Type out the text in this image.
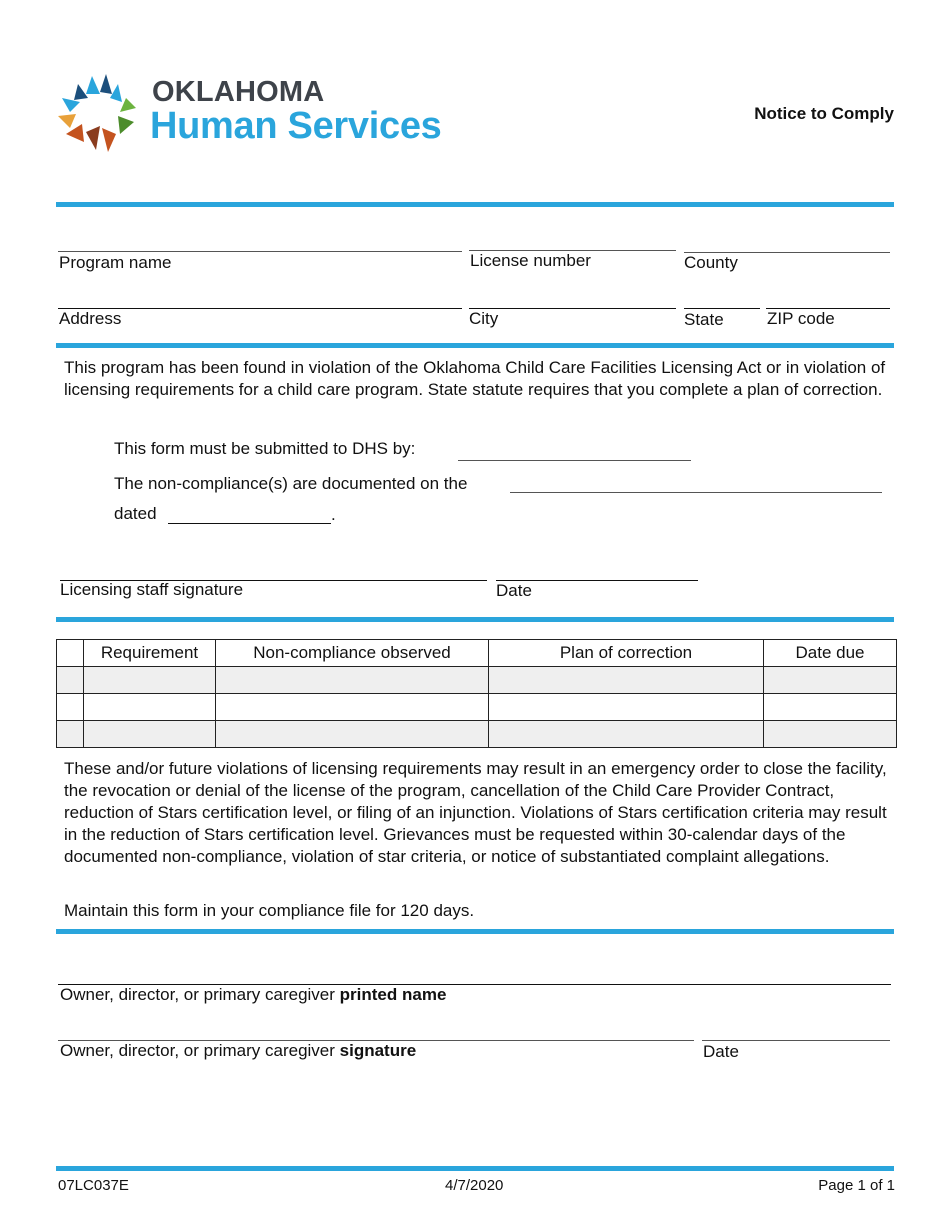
OKLAHOMA
Human Services	Notice to Comply
Program name	License number	County
Address	City	State	ZIP code
This program has been found in violation of the Oklahoma Child Care Facilities Licensing Act or in violation of licensing requirements for a child care program. State statute requires that you complete a plan of correction.
This form must be submitted to DHS by:
The non-compliance(s) are documented on the
dated	.
Licensing staff signature	Date
	Requirement	Non-compliance observed	Plan of correction	Date due

These and/or future violations of licensing requirements may result in an emergency order to close the facility, the revocation or denial of the license of the program, cancellation of the Child Care Provider Contract, reduction of Stars certification level, or filing of an injunction. Violations of Stars certification criteria may result in the reduction of Stars certification level. Grievances must be requested within 30-calendar days of the documented non-compliance, violation of star criteria, or notice of substantiated complaint allegations.
Maintain this form in your compliance file for 120 days.
Owner, director, or primary caregiver printed name
Owner, director, or primary caregiver signature	Date
07LC037E	4/7/2020	Page 1 of 1
